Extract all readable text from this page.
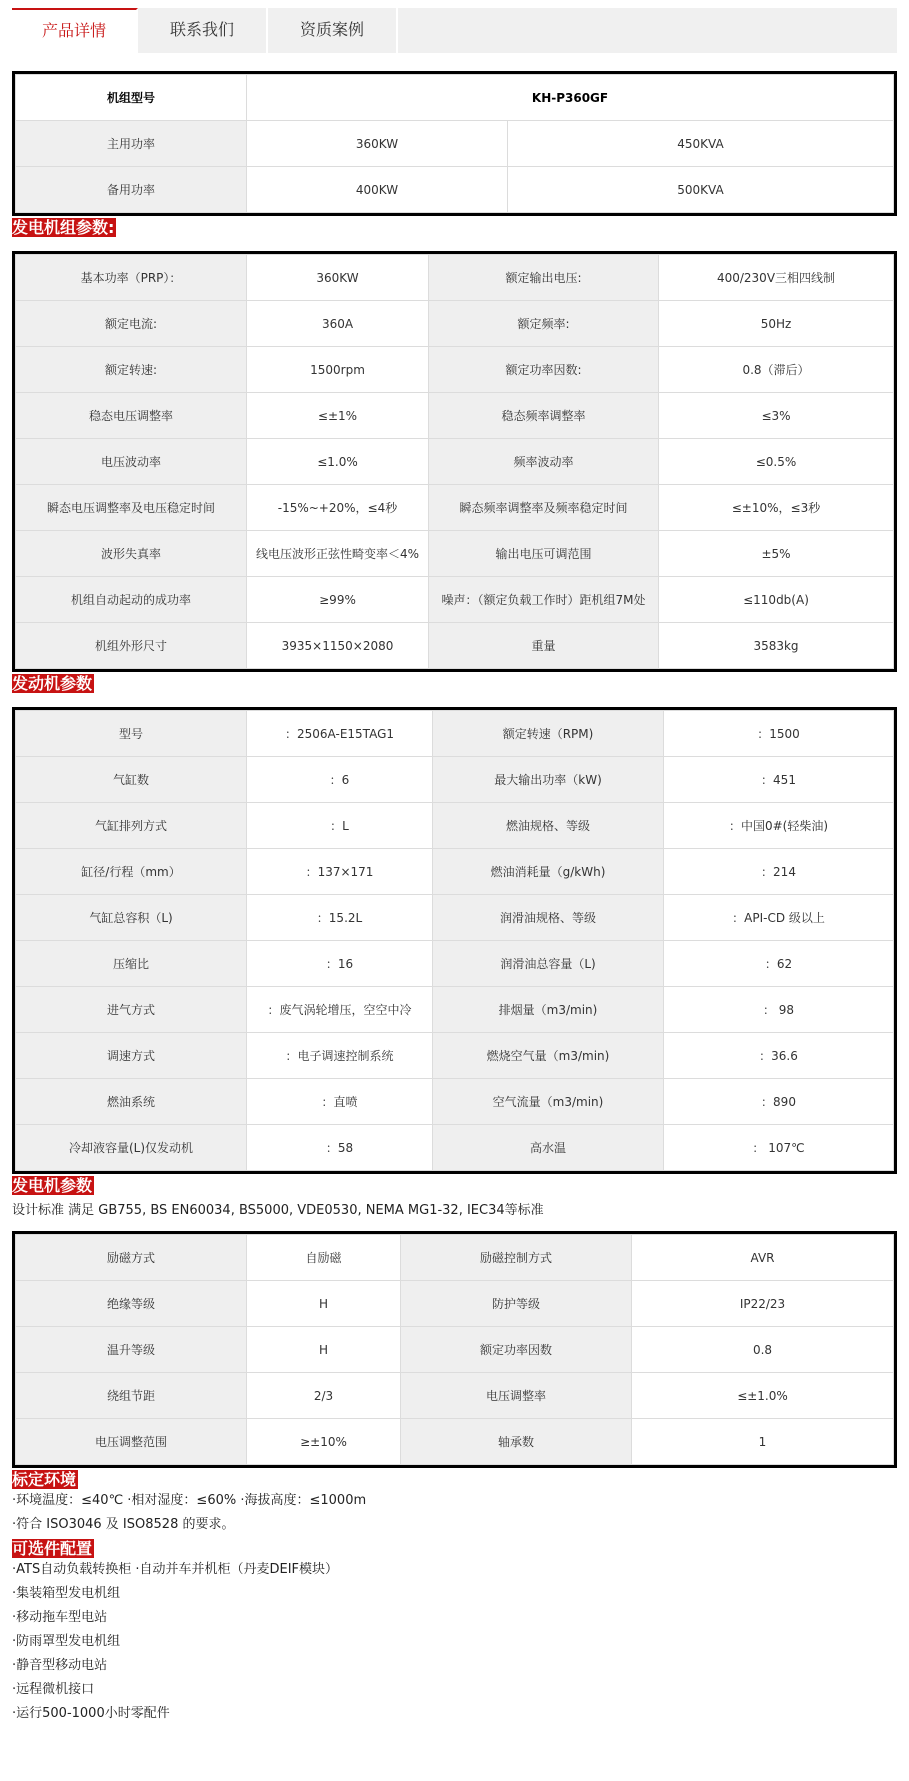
产品详情	联系我们	资质案例
机组型号	KH-P360GF	
主用功率	360KW	450KVA
备用功率	400KW	500KVA
发电机组参数:
基本功率（PRP）：	360KW	额定输出电压:	400/230V三相四线制
额定电流:	360A	额定频率:	50Hz
额定转速:	1500rpm	额定功率因数:	0.8（滞后）
稳态电压调整率	≤±1%	稳态频率调整率	≤3%
电压波动率	≤1.0%	频率波动率	≤0.5%
瞬态电压调整率及电压稳定时间	-15%~+20%，≤4秒	瞬态频率调整率及频率稳定时间	≤±10%，≤3秒
波形失真率	线电压波形正弦性畸变率＜4%	输出电压可调范围	±5%
机组自动起动的成功率	≥99%	噪声：（额定负载工作时）距机组7M处	≤110db(A)
机组外形尺寸	3935×1150×2080	重量	3583kg
发动机参数
型号	：2506A-E15TAG1	额定转速（RPM)	：1500
气缸数	：6	最大输出功率（kW)	：451
气缸排列方式	：L	燃油规格、等级	：中国0#(轻柴油)
缸径/行程（mm）	：137×171	燃油消耗量（g/kWh)	：214
气缸总容积（L)	：15.2L	润滑油规格、等级	：API-CD 级以上
压缩比	：16	润滑油总容量（L)	：62
进气方式	：废气涡轮增压，空空中冷	排烟量（m3/min)	： 98
调速方式	：电子调速控制系统	燃烧空气量（m3/min)	：36.6
燃油系统	：直喷	空气流量（m3/min)	：890
冷却液容量(L)仅发动机	：58	高水温	： 107℃
发电机参数
设计标准 满足 GB755, BS EN60034, BS5000, VDE0530, NEMA MG1-32, IEC34等标准
励磁方式	自励磁	励磁控制方式	AVR
绝缘等级	H	防护等级	IP22/23
温升等级	H	额定功率因数	0.8
绕组节距	2/3	电压调整率	≤±1.0%
电压调整范围	≥±10%	轴承数	1
标定环境
·环境温度：≤40℃ ·相对湿度：≤60% ·海拔高度：≤1000m
·符合 ISO3046 及 ISO8528 的要求。
可选件配置
·ATS自动负载转换柜 ·自动并车并机柜（丹麦DEIF模块）
·集装箱型发电机组
·移动拖车型电站
·防雨罩型发电机组
·静音型移动电站
·远程微机接口
·运行500-1000小时零配件
